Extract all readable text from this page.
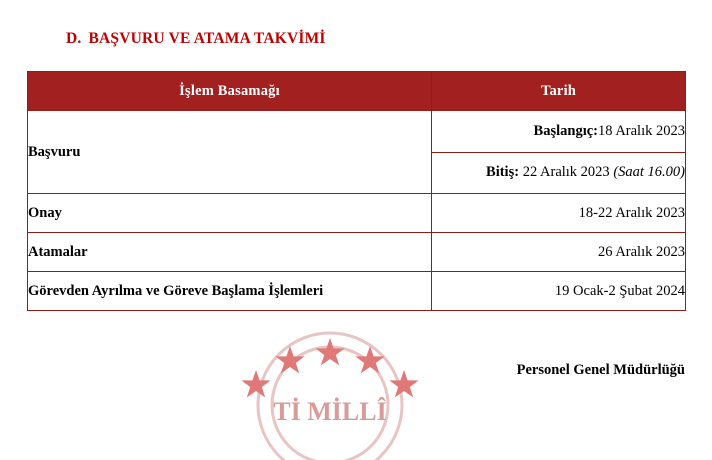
D. BAŞVURU VE ATAMA TAKVİMİ
İşlem Basamağı	Tarih
Başvuru	Başlangıç:18 Aralık 2023
	Bitiş: 22 Aralık 2023 (Saat 16.00)
Onay	18-22 Aralık 2023
Atamalar	26 Aralık 2023
Görevden Ayrılma ve Göreve Başlama İşlemleri	19 Ocak-2 Şubat 2024
Tİ MİLLÎ
Personel Genel Müdürlüğü
